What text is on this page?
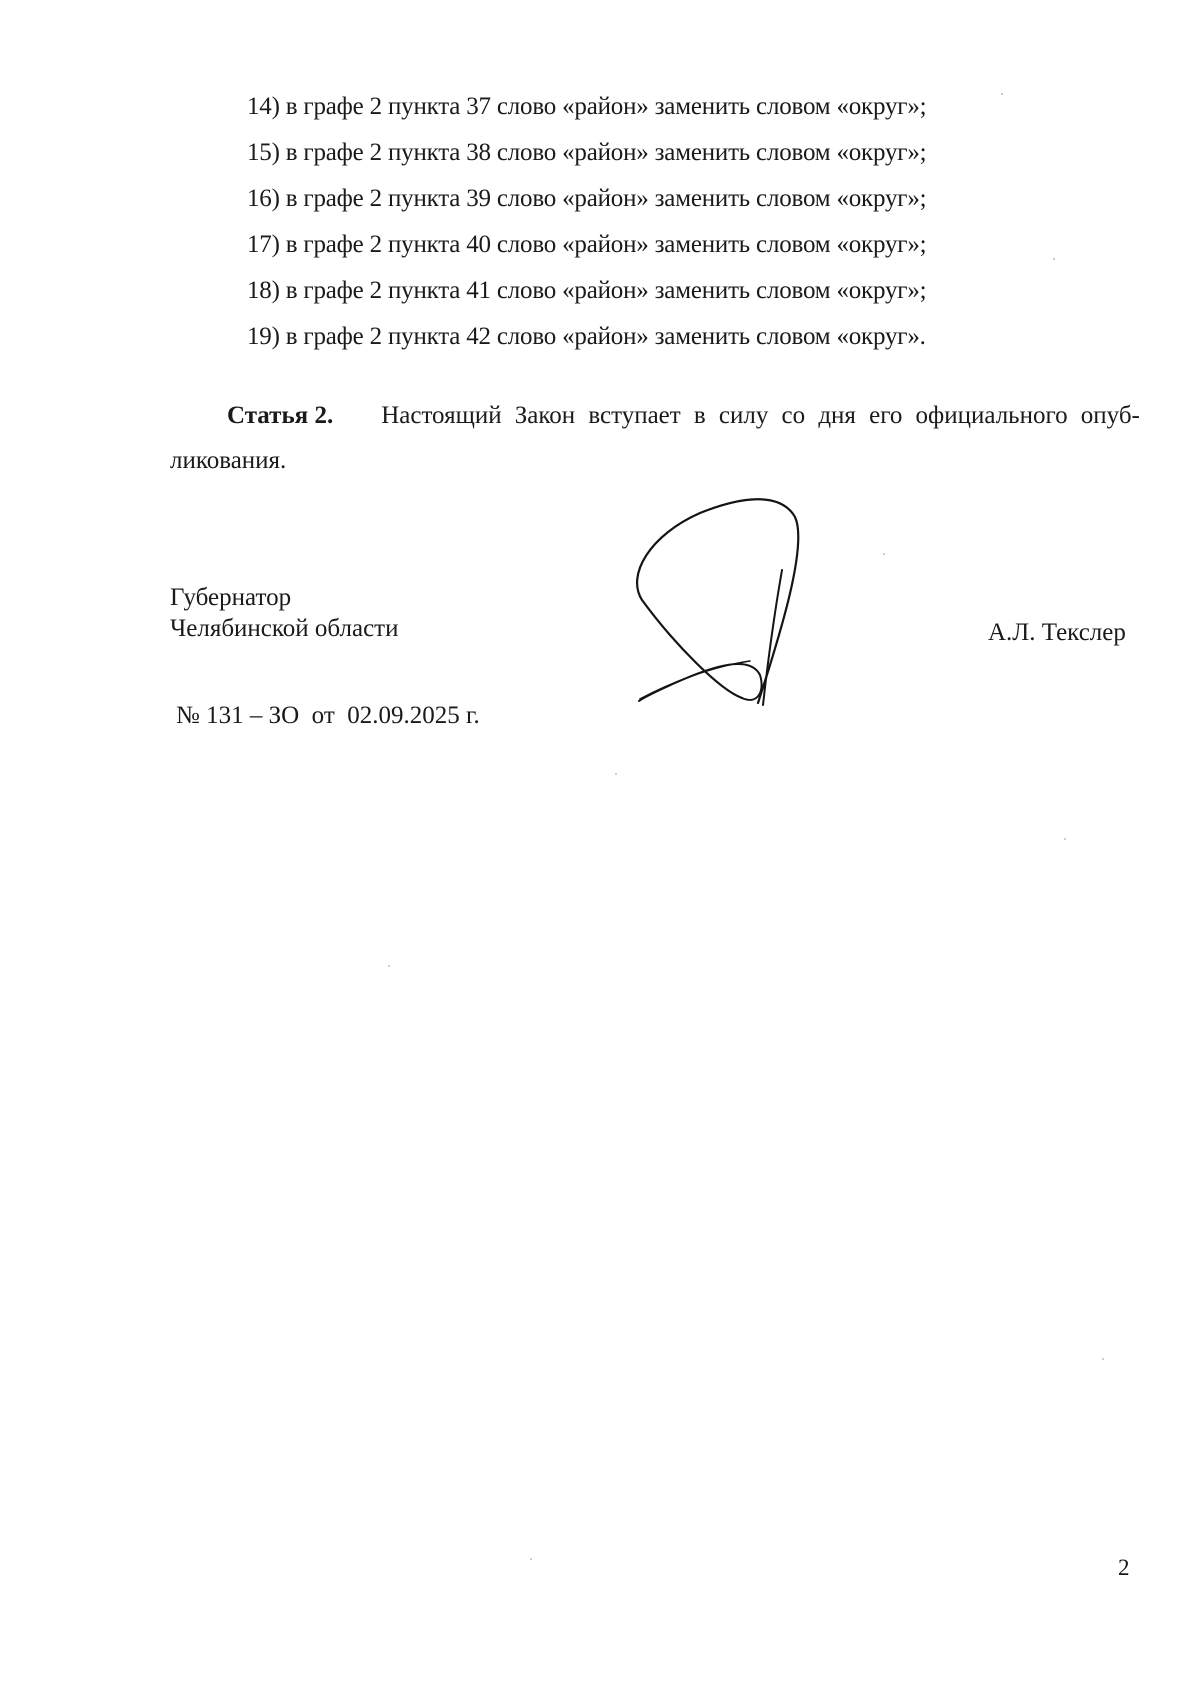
14) в графе 2 пункта 37 слово «район» заменить словом «округ»;
15) в графе 2 пункта 38 слово «район» заменить словом «округ»;
16) в графе 2 пункта 39 слово «район» заменить словом «округ»;
17) в графе 2 пункта 40 слово «район» заменить словом «округ»;
18) в графе 2 пункта 41 слово «район» заменить словом «округ»;
19) в графе 2 пункта 42 слово «район» заменить словом «округ».
Статья 2. Настоящий Закон вступает в силу со дня его официального опуб-
ликования.
Губернатор
Челябинской области	А.Л. Текслер
№ 131 – ЗО  от  02.09.2025 г.
2
